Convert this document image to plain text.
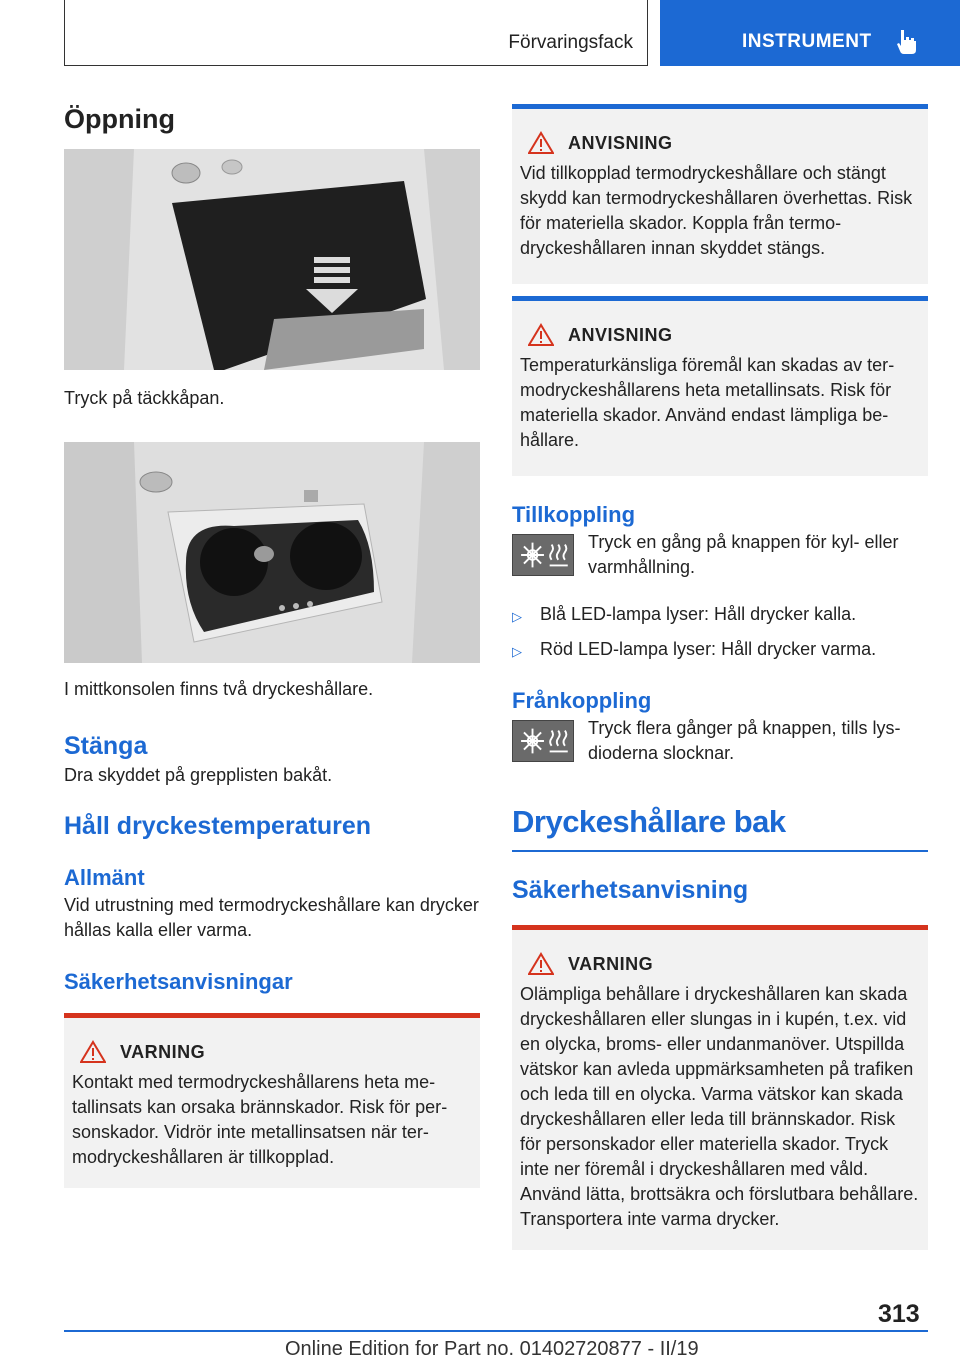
Förvaringsfack	INSTRUMENT
Öppning

Tryck på täckkåpan.

I mittkonsolen finns två dryckeshållare.

Stänga

Dra skyddet på grepplisten bakåt.

Håll dryckestemperaturen
Allmänt

Vid utrustning med termodryckeshållare kan drycker hållas kalla eller varma.

Säkerhetsanvisningar
VARNING

Kontakt med termodryckeshållarens heta metallinsats kan orsaka brännskador. Risk för personskador. Vidrör inte metallinsatsen när termodryckeshållaren är tillkopplad.

ANVISNING

Vid tillkopplad termodryckeshållare och stängt skydd kan termodryckeshållaren överhettas. Risk för materiella skador. Koppla från termodryckeshållaren innan skyddet stängs.

ANVISNING

Temperaturkänsliga föremål kan skadas av termodryckeshållarens heta metallinsats. Risk för materiella skador. Använd endast lämpliga behållare.

Tillkoppling

Tryck en gång på knappen för kyl- eller varmhållning.

▷	Blå LED-lampa lyser: Håll drycker kalla.
▷	Röd LED-lampa lyser: Håll drycker varma.
Frånkoppling

Tryck flera gånger på knappen, tills lysdioderna slocknar.

Dryckeshållare bak
Säkerhetsanvisning
VARNING

Olämpliga behållare i dryckeshållaren kan skada dryckeshållaren eller slungas in i kupén, t.ex. vid en olycka, broms- eller undanmanöver. Utspillda vätskor kan avleda uppmärksamheten på trafiken och leda till en olycka. Varma vätskor kan skada dryckeshållaren eller leda till brännskador. Risk för personskador eller materiella skador. Tryck inte ner föremål i dryckeshållaren med våld. Använd lätta, brottsäkra och förslutbara behållare. Transportera inte varma drycker.

313
Online Edition for Part no. 01402720877 - II/19
